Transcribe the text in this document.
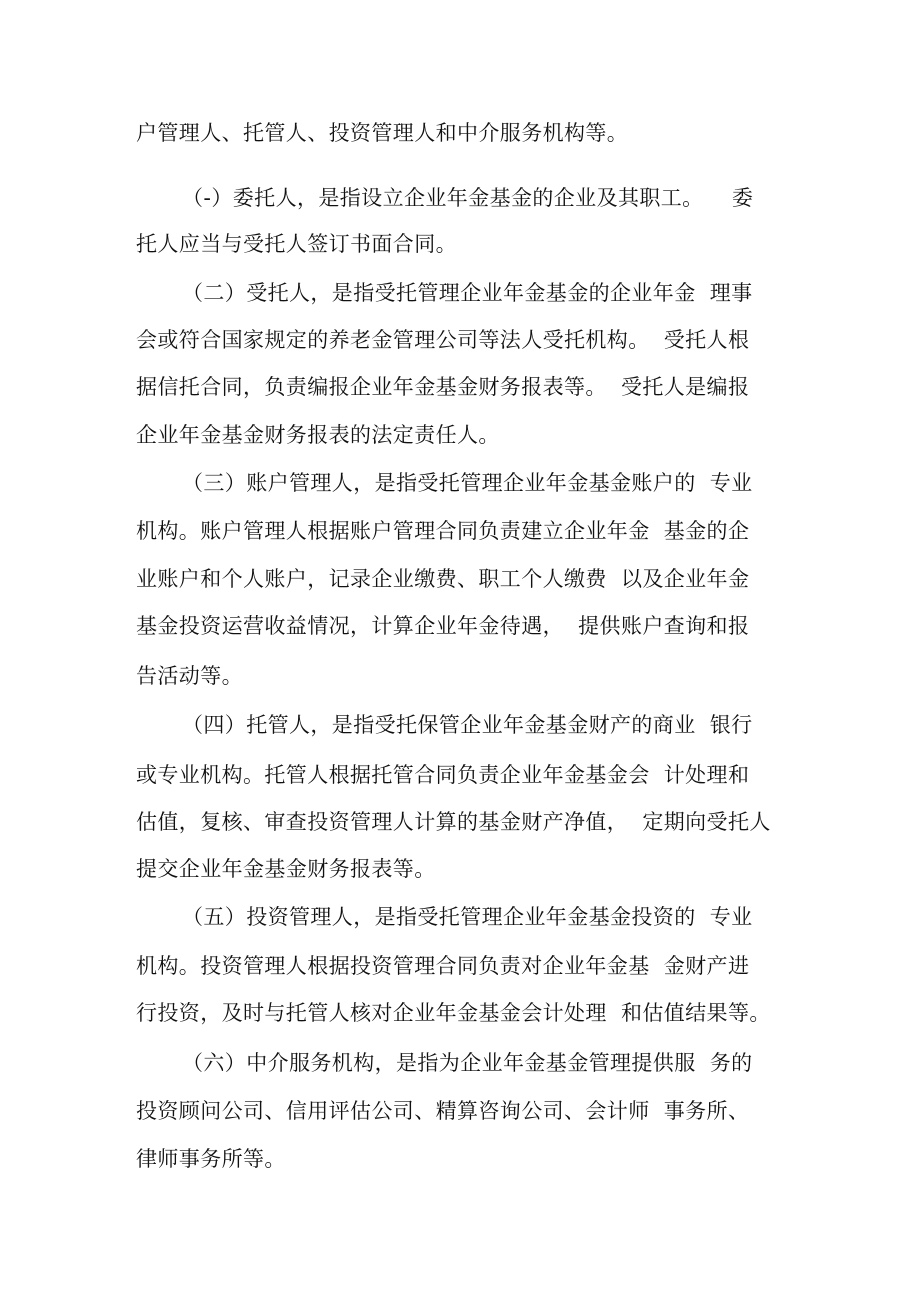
户管理人、托管人、投资管理人和中介服务机构等。
（-）委托人，是指设立企业年金基金的企业及其职工。    委
托人应当与受托人签订书面合同。
（二）受托人，是指受托管理企业年金基金的企业年金  理事
会或符合国家规定的养老金管理公司等法人受托机构。  受托人根
据信托合同，负责编报企业年金基金财务报表等。  受托人是编报
企业年金基金财务报表的法定责任人。
（三）账户管理人，是指受托管理企业年金基金账户的  专业
机构。账户管理人根据账户管理合同负责建立企业年金  基金的企
业账户和个人账户，记录企业缴费、职工个人缴费  以及企业年金
基金投资运营收益情况，计算企业年金待遇，  提供账户查询和报
告活动等。
（四）托管人，是指受托保管企业年金基金财产的商业  银行
或专业机构。托管人根据托管合同负责企业年金基金会  计处理和
估值，复核、审查投资管理人计算的基金财产净值，  定期向受托人
提交企业年金基金财务报表等。
（五）投资管理人，是指受托管理企业年金基金投资的  专业
机构。投资管理人根据投资管理合同负责对企业年金基  金财产进
行投资，及时与托管人核对企业年金基金会计处理  和估值结果等。
（六）中介服务机构，是指为企业年金基金管理提供服  务的
投资顾问公司、信用评估公司、精算咨询公司、会计师  事务所、
律师事务所等。
